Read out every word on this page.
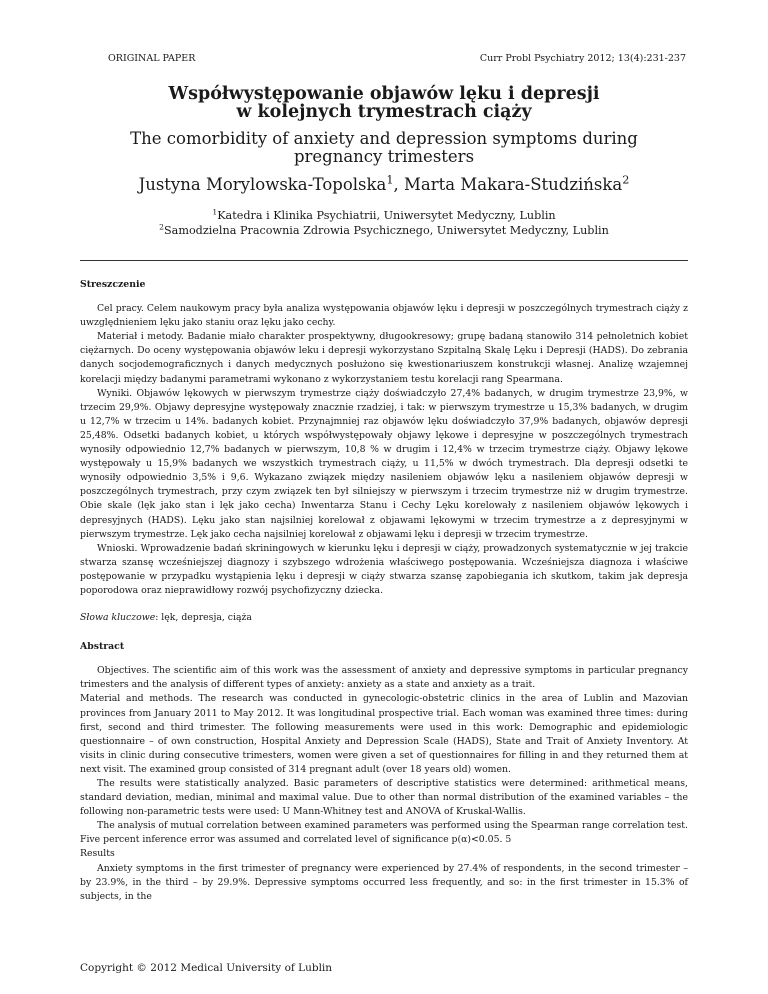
ORIGINAL PAPER	Curr Probl Psychiatry 2012; 13(4):231-237
Współwystępowanie objawów lęku i depresji
w kolejnych trymestrach ciąży
The comorbidity of anxiety and depression symptoms during
pregnancy trimesters
Justyna Morylowska-Topolska$^1$, Marta Makara-Studzińska$^2$
$^1$Katedra i Klinika Psychiatrii, Uniwersytet Medyczny, Lublin
$^2$Samodzielna Pracownia Zdrowia Psychicznego, Uniwersytet Medyczny, Lublin
Streszczenie

Cel pracy. Celem naukowym pracy była analiza występowania objawów lęku i depresji w poszczególnych trymestrach ciąży z uwzględnieniem lęku jako staniu oraz lęku jako cechy.

Materiał i metody. Badanie miało charakter prospektywny, długookresowy; grupę badaną stanowiło 314 pełnoletnich kobiet ciężarnych. Do oceny występowania objawów leku i depresji wykorzystano Szpitalną Skalę Lęku i Depresji (HADS). Do zebrania danych socjodemograficznych i danych medycznych posłużono się kwestionariuszem konstrukcji własnej. Analizę wzajemnej korelacji między badanymi parametrami wykonano z wykorzystaniem testu korelacji rang Spearmana.

Wyniki. Objawów lękowych w pierwszym trymestrze ciąży doświadczyło 27,4% badanych, w drugim trymestrze 23,9%, w trzecim 29,9%. Objawy depresyjne występowały znacznie rzadziej, i tak: w pierwszym trymestrze u 15,3% badanych, w drugim u 12,7% w trzecim u 14%. badanych kobiet. Przynajmniej raz objawów lęku doświadczyło 37,9% badanych, objawów depresji 25,48%. Odsetki badanych kobiet, u których współwystępowały objawy lękowe i depresyjne w poszczególnych trymestrach wynosiły odpowiednio 12,7% badanych w pierwszym, 10,8 % w drugim i 12,4% w trzecim trymestrze ciąży. Objawy lękowe występowały u 15,9% badanych we wszystkich trymestrach ciąży, u 11,5% w dwóch trymestrach. Dla depresji odsetki te wynosiły odpowiednio 3,5% i 9,6. Wykazano związek między nasileniem objawów lęku a nasileniem objawów depresji w poszczególnych trymestrach, przy czym związek ten był silniejszy w pierwszym i trzecim trymestrze niż w drugim trymestrze. Obie skale (lęk jako stan i lęk jako cecha) Inwentarza Stanu i Cechy Lęku korelowały z nasileniem objawów lękowych i depresyjnych (HADS). Lęku jako stan najsilniej korelował z objawami lękowymi w trzecim trymestrze a z depresyjnymi w pierwszym trymestrze. Lęk jako cecha najsilniej korelował z objawami lęku i depresji w trzecim trymestrze.

Wnioski. Wprowadzenie badań skriningowych w kierunku lęku i depresji w ciąży, prowadzonych systematycznie w jej trakcie stwarza szansę wcześniejszej diagnozy i szybszego wdrożenia właściwego postępowania. Wcześniejsza diagnoza i właściwe postępowanie w przypadku wystąpienia lęku i depresji w ciąży stwarza szansę zapobiegania ich skutkom, takim jak depresja poporodowa oraz nieprawidłowy rozwój psychofizyczny dziecka.

Słowa kluczowe: lęk, depresja, ciąża

Abstract

Objectives. The scientific aim of this work was the assessment of anxiety and depressive symptoms in particular pregnancy trimesters and the analysis of different types of anxiety: anxiety as a state and anxiety as a trait.

Material and methods. The research was conducted in gynecologic-obstetric clinics in the area of Lublin and Mazovian provinces from January 2011 to May 2012. It was longitudinal prospective trial. Each woman was examined three times: during first, second and third trimester. The following measurements were used in this work: Demographic and epidemiologic questionnaire – of own construction, Hospital Anxiety and Depression Scale (HADS), State and Trait of Anxiety Inventory. At visits in clinic during consecutive trimesters, women were given a set of questionnaires for filling in and they returned them at next visit. The examined group consisted of 314 pregnant adult (over 18 years old) women.

The results were statistically analyzed. Basic parameters of descriptive statistics were determined: arithmetical means, standard deviation, median, minimal and maximal value. Due to other than normal distribution of the examined variables – the following non-parametric tests were used: U Mann-Whitney test and ANOVA of Kruskal-Wallis.

The analysis of mutual correlation between examined parameters was performed using the Spearman range correlation test. Five percent inference error was assumed and correlated level of significance p(α)<0.05. 5

Results

Anxiety symptoms in the first trimester of pregnancy were experienced by 27.4% of respondents, in the second trimester – by 23.9%, in the third – by 29.9%. Depressive symptoms occurred less frequently, and so: in the first trimester in 15.3% of subjects, in the

Copyright © 2012 Medical University of Lublin
